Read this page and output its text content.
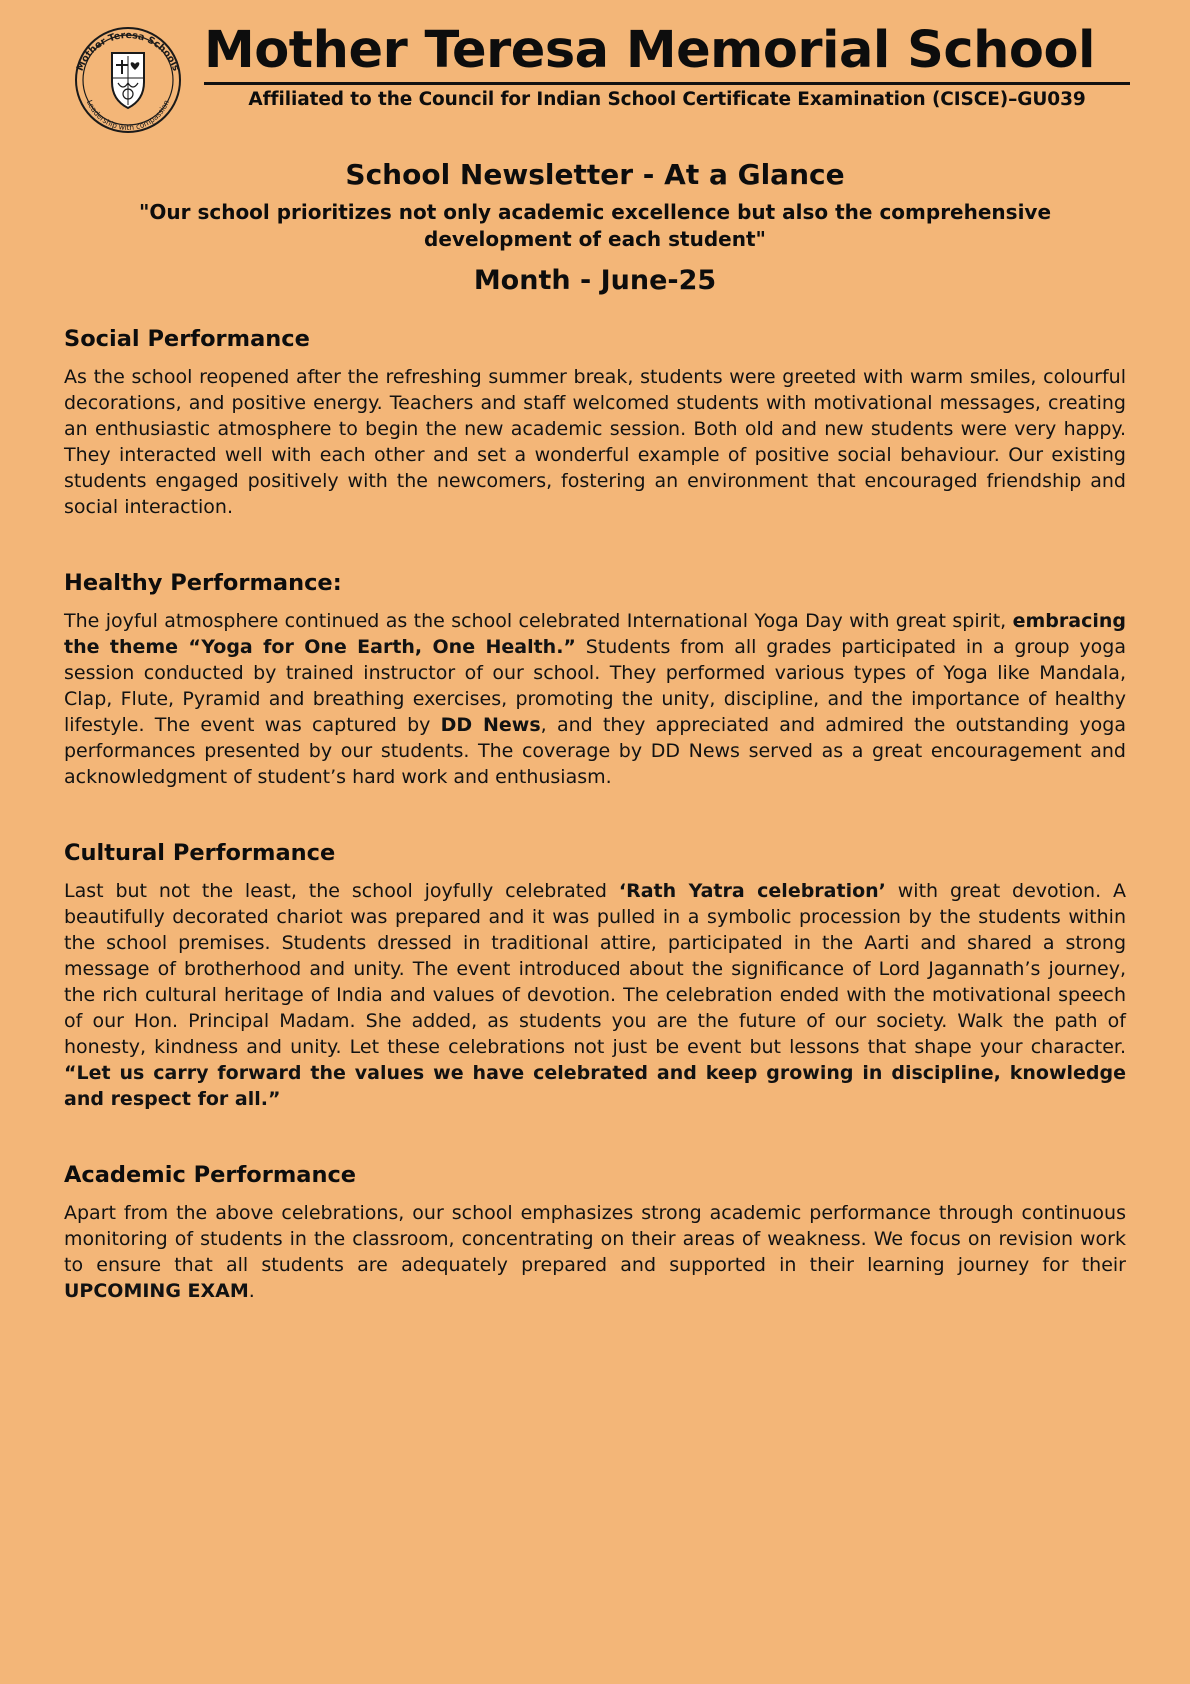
Mother Teresa Schools
Leadership with compassion
Mother Teresa Memorial School
Affiliated to the Council for Indian School Certificate Examination (CISCE)–GU039
School Newsletter - At a Glance
"Our school prioritizes not only academic excellence but also the comprehensive development of each student"
Month - June-25
Social Performance

As the school reopened after the refreshing summer break, students were greeted with warm smiles, colourful decorations, and positive energy. Teachers and staff welcomed students with motivational messages, creating an enthusiastic atmosphere to begin the new academic session. Both old and new students were very happy. They interacted well with each other and set a wonderful example of positive social behaviour. Our existing students engaged positively with the newcomers, fostering an environment that encouraged friendship and social interaction.

Healthy Performance:

The joyful atmosphere continued as the school celebrated International Yoga Day with great spirit, embracing the theme “Yoga for One Earth, One Health.” Students from all grades participated in a group yoga session conducted by trained instructor of our school. They performed various types of Yoga like Mandala, Clap, Flute, Pyramid and breathing exercises, promoting the unity, discipline, and the importance of healthy lifestyle. The event was captured by DD News, and they appreciated and admired the outstanding yoga performances presented by our students. The coverage by DD News served as a great encouragement and acknowledgment of student’s hard work and enthusiasm.

Cultural Performance

Last but not the least, the school joyfully celebrated ‘Rath Yatra celebration’ with great devotion. A beautifully decorated chariot was prepared and it was pulled in a symbolic procession by the students within the school premises. Students dressed in traditional attire, participated in the Aarti and shared a strong message of brotherhood and unity. The event introduced about the significance of Lord Jagannath’s journey, the rich cultural heritage of India and values of devotion. The celebration ended with the motivational speech of our Hon. Principal Madam. She added, as students you are the future of our society. Walk the path of honesty, kindness and unity. Let these celebrations not just be event but lessons that shape your character. “Let us carry forward the values we have celebrated and keep growing in discipline, knowledge and respect for all.”

Academic Performance

Apart from the above celebrations, our school emphasizes strong academic performance through continuous monitoring of students in the classroom, concentrating on their areas of weakness. We focus on revision work to ensure that all students are adequately prepared and supported in their learning journey for their UPCOMING EXAM.
